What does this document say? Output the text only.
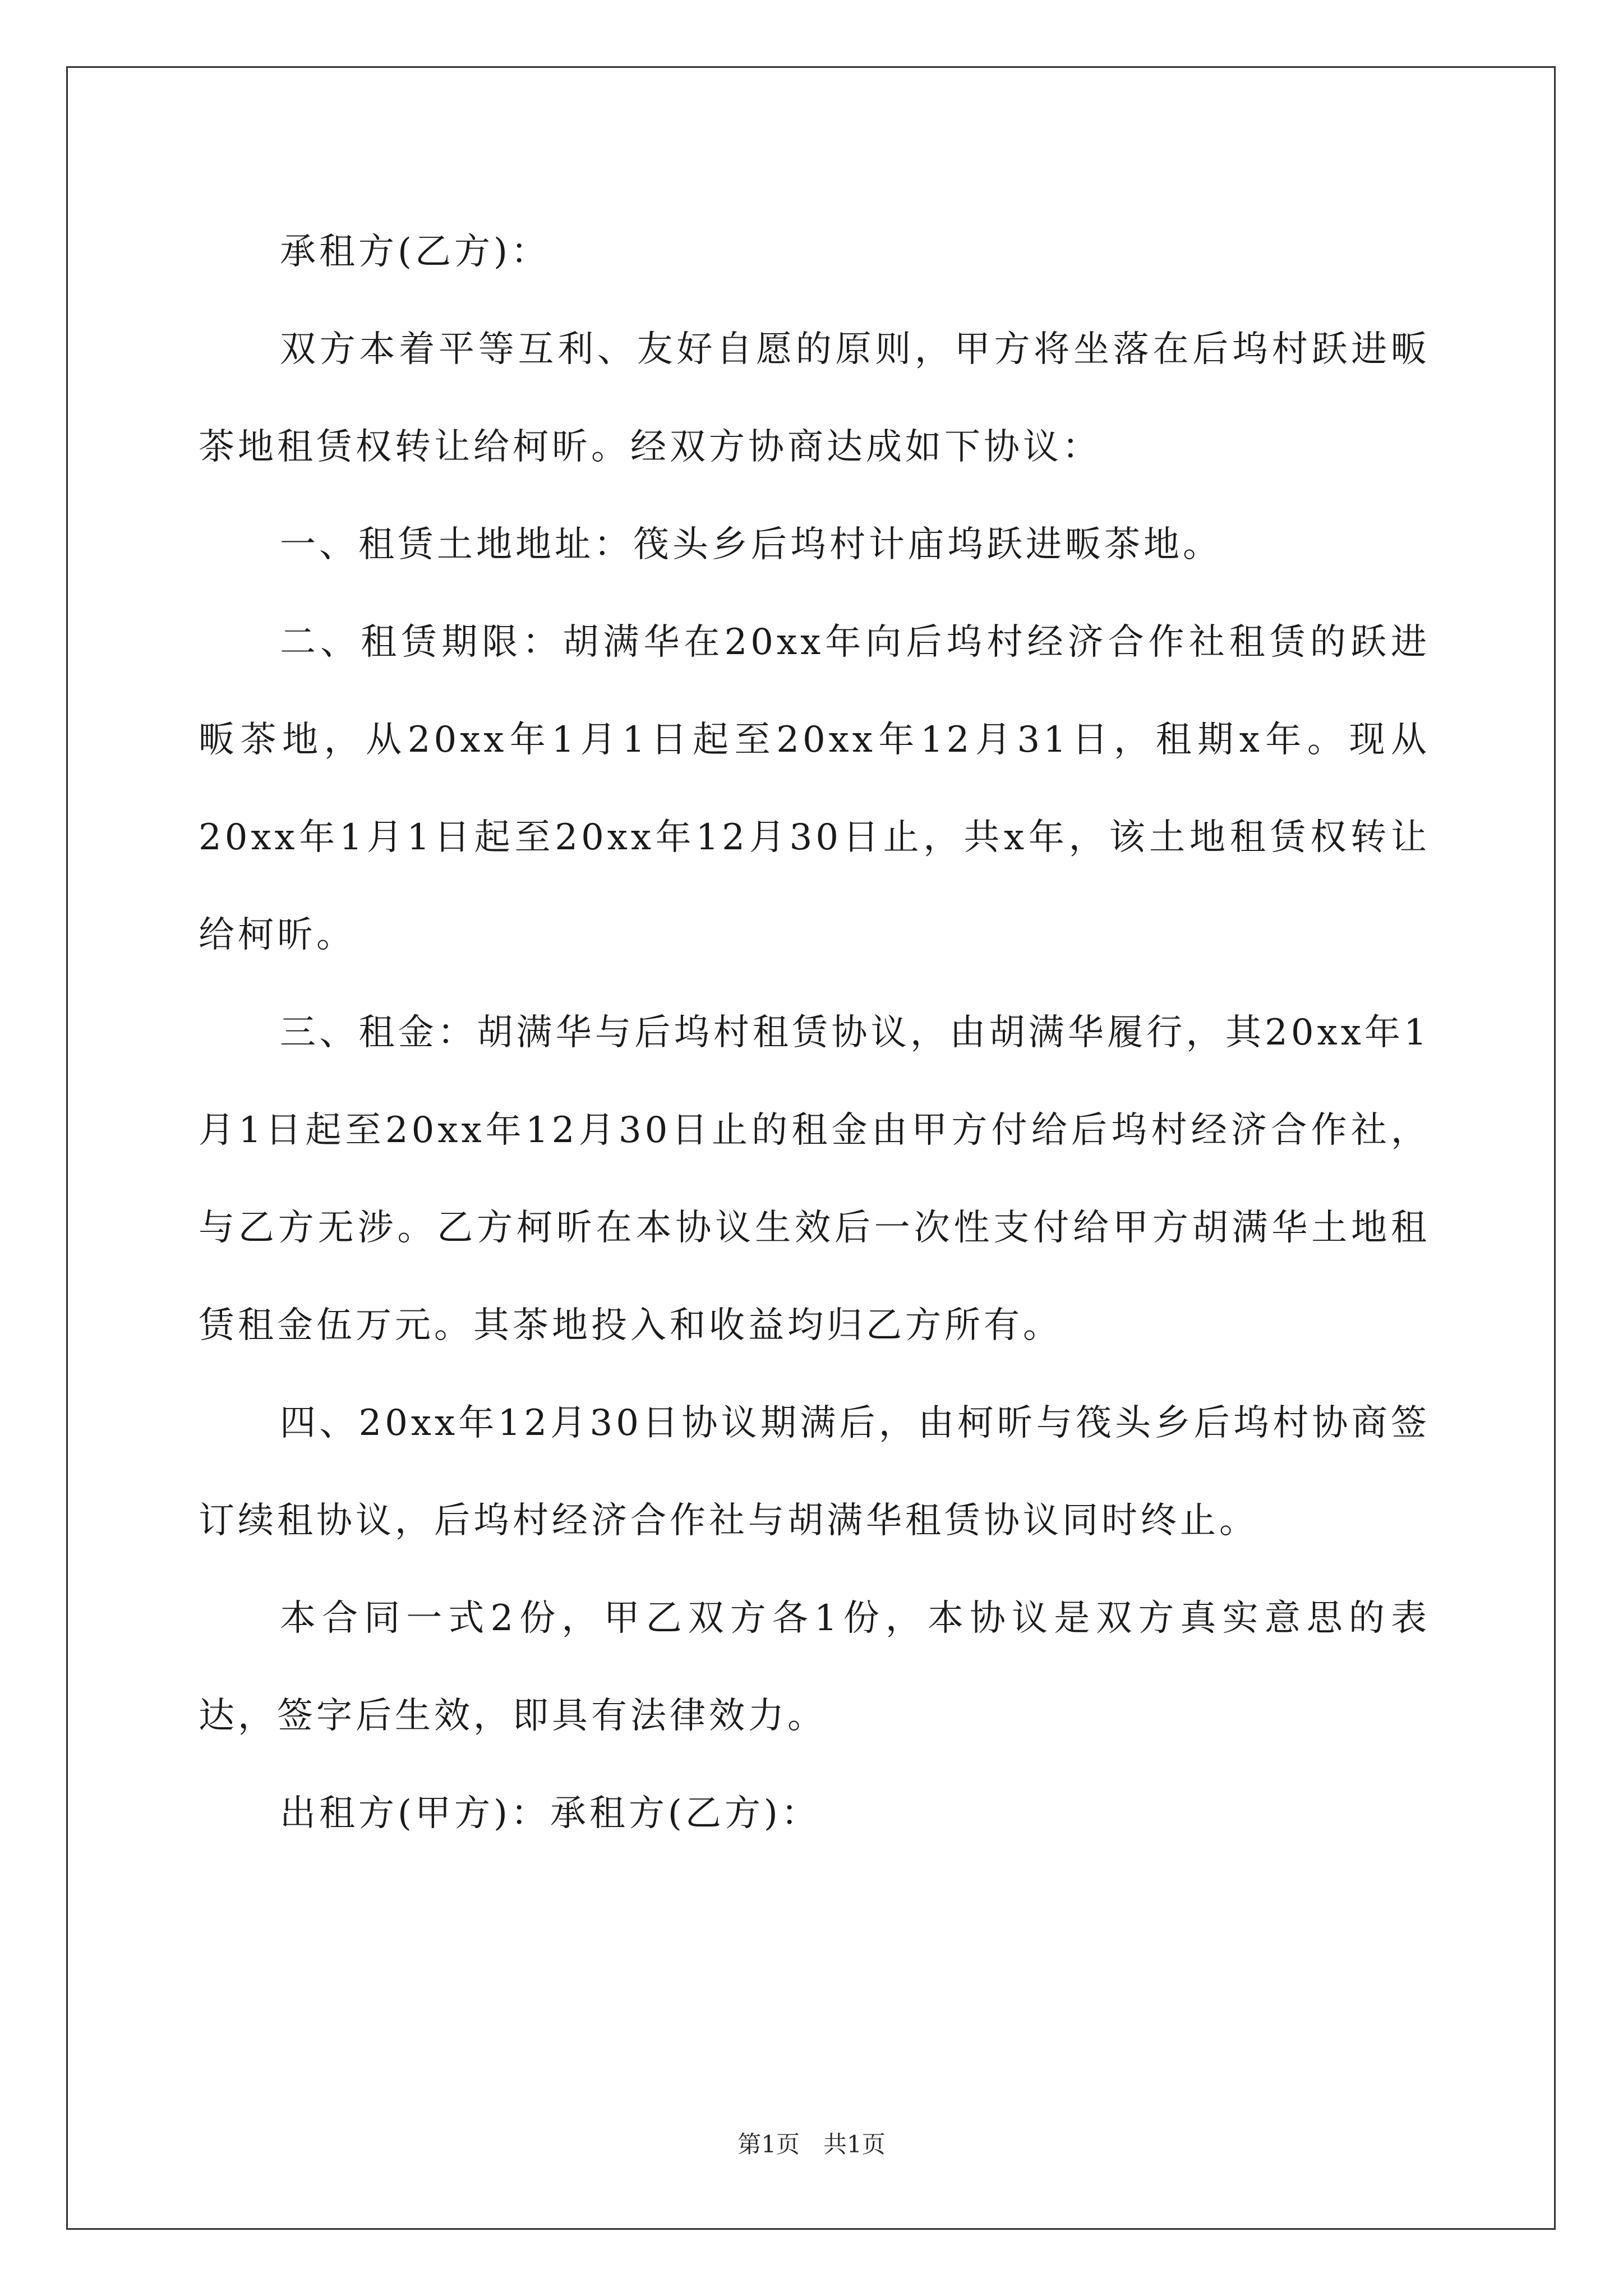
承租方(乙方)：

双方本着平等互利、友好自愿的原则，甲方将坐落在后坞村跃进畈茶地租赁权转让给柯昕。经双方协商达成如下协议：

一、租赁土地地址：筏头乡后坞村计庙坞跃进畈茶地。

二、租赁期限：胡满华在20xx年向后坞村经济合作社租赁的跃进畈茶地，从20xx年1月1日起至20xx年12月31日，租期x年。现从20xx年1月1日起至20xx年12月30日止，共x年，该土地租赁权转让给柯昕。

三、租金：胡满华与后坞村租赁协议，由胡满华履行，其20xx年1月1日起至20xx年12月30日止的租金由甲方付给后坞村经济合作社，与乙方无涉。乙方柯昕在本协议生效后一次性支付给甲方胡满华土地租赁租金伍万元。其茶地投入和收益均归乙方所有。

四、20xx年12月30日协议期满后，由柯昕与筏头乡后坞村协商签订续租协议，后坞村经济合作社与胡满华租赁协议同时终止。

本合同一式2份，甲乙双方各1份，本协议是双方真实意思的表达，签字后生效，即具有法律效力。

出租方(甲方)：承租方(乙方)：

第1页　共1页
